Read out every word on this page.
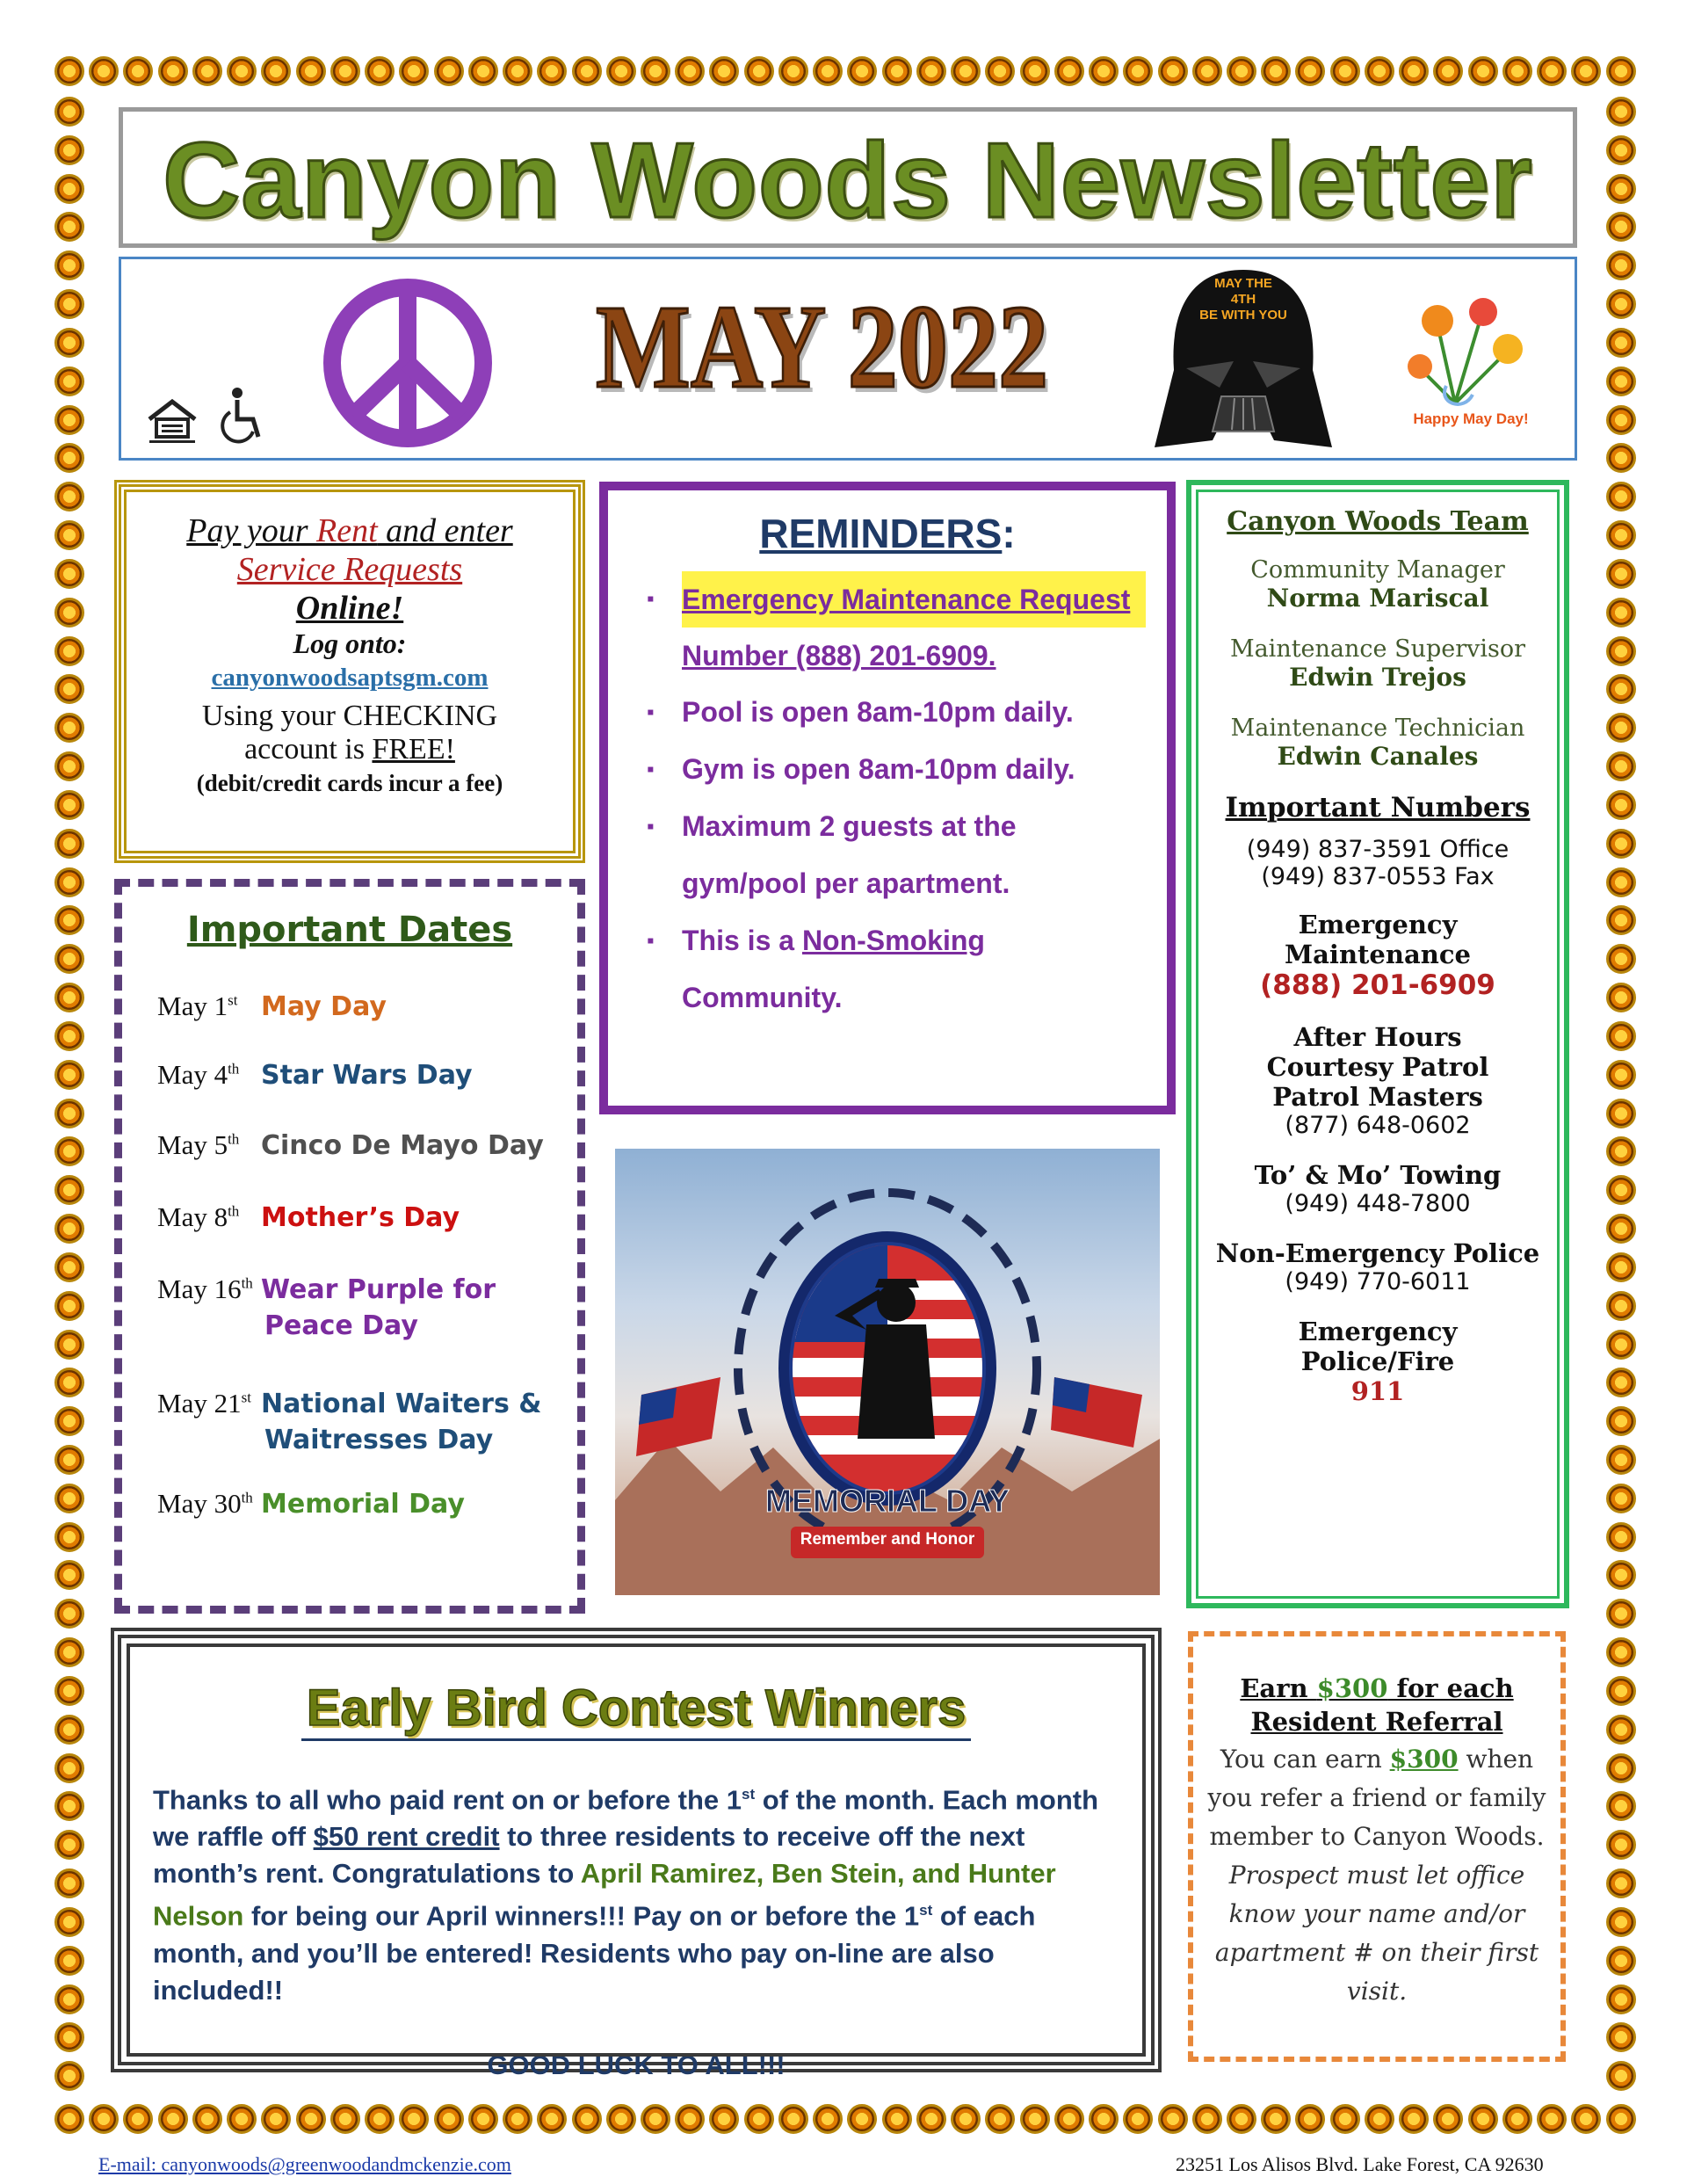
Canyon Woods Newsletter
MAY 2022	MAY THE
4TH
BE WITH YOU
Happy May Day!
Pay your Rent and enter
Service Requests
Online!
Log onto:
canyonwoodsaptsgm.com
Using your CHECKING
account is FREE!
(debit/credit cards incur a fee)
REMINDERS:
▪ Emergency Maintenance Request Number (888) 201-6909.
▪ Pool is open 8am-10pm daily.
▪ Gym is open 8am-10pm daily.
▪ Maximum 2 guests at the gym/pool per apartment.
▪ This is a Non-Smoking Community.
Canyon Woods Team
Community Manager
Norma Mariscal
Maintenance Supervisor
Edwin Trejos
Maintenance Technician
Edwin Canales
Important Numbers
(949) 837-3591 Office
(949) 837-0553 Fax
Emergency
Maintenance
(888) 201-6909
After Hours
Courtesy Patrol
Patrol Masters
(877) 648-0602
To’ & Mo’ Towing
(949) 448-7800
Non-Emergency Police
(949) 770-6011
Emergency
Police/Fire
911
Important Dates
May 1st May Day
May 4th Star Wars Day
May 5th Cinco De Mayo Day
May 8th Mother’s Day
May 16th Wear Purple for
Peace Day
May 21st National Waiters &
Waitresses Day
May 30th Memorial Day	MEMORIAL DAY
Remember and Honor
Early Bird Contest Winners
Thanks to all who paid rent on or before the 1st of the month. Each month we raffle off $50 rent credit to three residents to receive off the next month’s rent. Congratulations to April Ramirez, Ben Stein, and Hunter Nelson for being our April winners!!! Pay on or before the 1st of each month, and you’ll be entered! Residents who pay on-line are also included!!
GOOD LUCK TO ALL!!!
Earn $300 for each
Resident Referral
You can earn $300 when you refer a friend or family member to Canyon Woods. Prospect must let office know your name and/or apartment # on their first visit.
E-mail: canyonwoods@greenwoodandmckenzie.com	23251 Los Alisos Blvd. Lake Forest, CA 92630
